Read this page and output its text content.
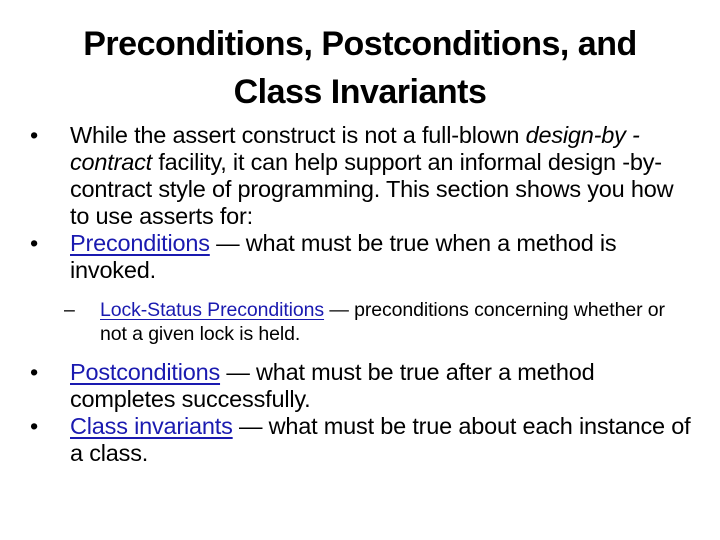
Preconditions, Postconditions, and
Class Invariants
•	While the assert construct is not a full-blown design-by -contract facility, it can help support an informal design -by-contract style of programming. This section shows you how to use asserts for:
•	Preconditions — what must be true when a method is invoked.
– Lock-Status Preconditions — preconditions concerning whether or not a given lock is held.
•	Postconditions — what must be true after a method completes successfully.
•	Class invariants — what must be true about each instance of a class.
